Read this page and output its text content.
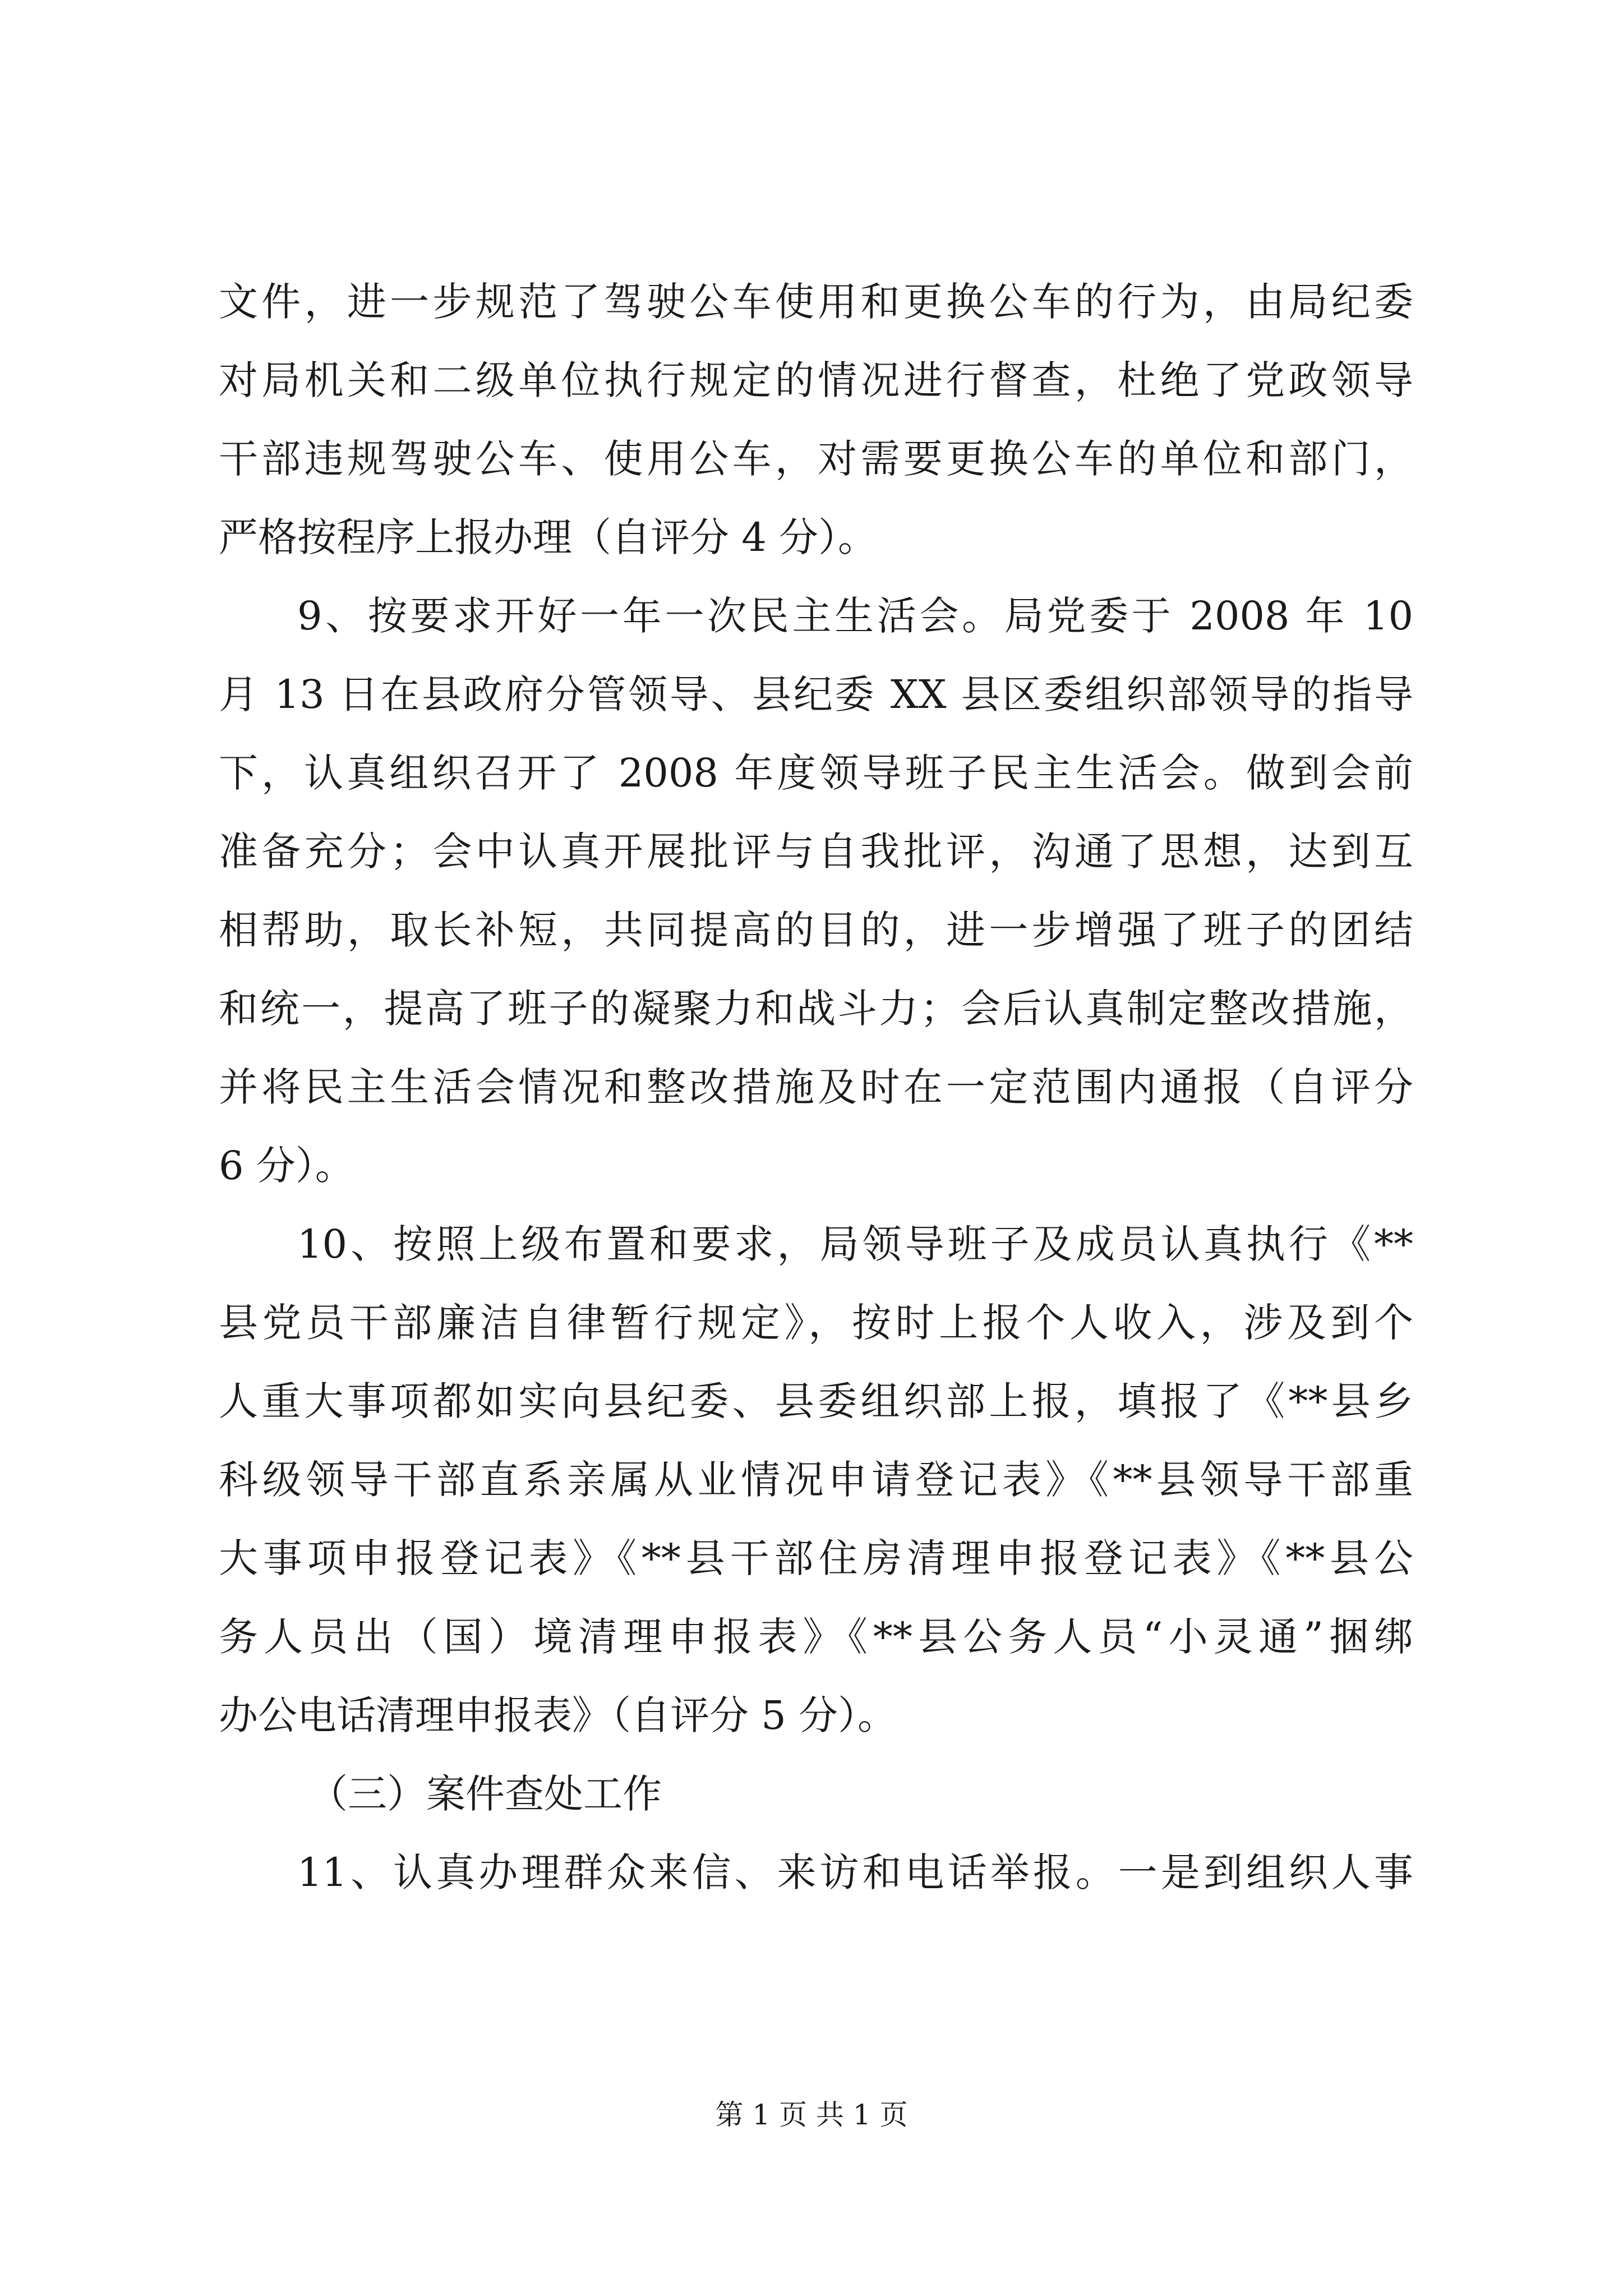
文件，进一步规范了驾驶公车使用和更换公车的行为，由局纪委
对局机关和二级单位执行规定的情况进行督查，杜绝了党政领导
干部违规驾驶公车、使用公车，对需要更换公车的单位和部门，
严格按程序上报办理（自评分 4 分）。
9、按要求开好一年一次民主生活会。局党委于 2008 年 10
月 13 日在县政府分管领导、县纪委 XX 县区委组织部领导的指导
下，认真组织召开了 2008 年度领导班子民主生活会。做到会前
准备充分；会中认真开展批评与自我批评，沟通了思想，达到互
相帮助，取长补短，共同提高的目的，进一步增强了班子的团结
和统一，提高了班子的凝聚力和战斗力；会后认真制定整改措施，
并将民主生活会情况和整改措施及时在一定范围内通报（自评分
6 分）。
10、按照上级布置和要求，局领导班子及成员认真执行《**
县党员干部廉洁自律暂行规定》，按时上报个人收入，涉及到个
人重大事项都如实向县纪委、县委组织部上报，填报了《**县乡
科级领导干部直系亲属从业情况申请登记表》《**县领导干部重
大事项申报登记表》《**县干部住房清理申报登记表》《**县公
务人员出（国）境清理申报表》《**县公务人员“小灵通”捆绑
办公电话清理申报表》（自评分 5 分）。
（三）案件查处工作
11、认真办理群众来信、来访和电话举报。一是到组织人事
第 1 页 共 1 页
